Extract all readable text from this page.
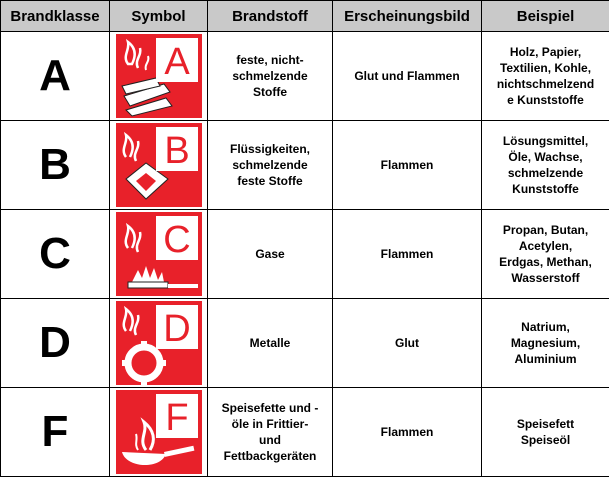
Brandklasse	Symbol	Brandstoff	Erscheinungsbild	Beispiel
A	A	feste, nicht-
schmelzende
Stoffe	Glut und Flammen	Holz, Papier,
Textilien, Kohle,
nichtschmelzend
e Kunststoffe
B	B	Flüssigkeiten,
schmelzende
feste Stoffe	Flammen	Lösungsmittel,
Öle, Wachse,
schmelzende
Kunststoffe
C	C	Gase	Flammen	Propan, Butan,
Acetylen,
Erdgas, Methan,
Wasserstoff
D	D	Metalle	Glut	Natrium,
Magnesium,
Aluminium
F	F	Speisefette und -
öle in Frittier-
und
Fettbackgeräten	Flammen	Speisefett
Speiseöl
